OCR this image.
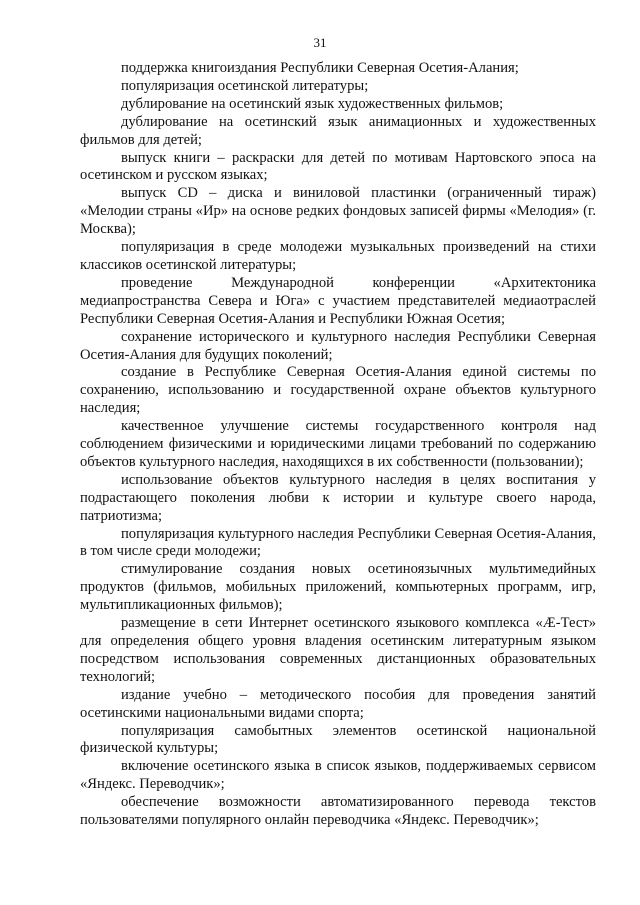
31

поддержка книгоиздания Республики Северная Осетия-Алания;

популяризация осетинской литературы;

дублирование на осетинский язык художественных фильмов;

дублирование на осетинский язык анимационных и художественных фильмов для детей;

выпуск книги – раскраски для детей по мотивам Нартовского эпоса на осетинском и русском языках;

выпуск CD – диска и виниловой пластинки (ограниченный тираж) «Мелодии страны «Ир» на основе редких фондовых записей фирмы «Мелодия» (г. Москва);

популяризация в среде молодежи музыкальных произведений на стихи классиков осетинской литературы;

проведение Международной конференции «Архитектоника медиапространства Севера и Юга» с участием представителей медиаотраслей Республики Северная Осетия-Алания и Республики Южная Осетия;

сохранение исторического и культурного наследия Республики Северная Осетия-Алания для будущих поколений;

создание в Республике Северная Осетия-Алания единой системы по сохранению, использованию и государственной охране объектов культурного наследия;

качественное улучшение системы государственного контроля над соблюдением физическими и юридическими лицами требований по содержанию объектов культурного наследия, находящихся в их собственности (пользовании);

использование объектов культурного наследия в целях воспитания у подрастающего поколения любви к истории и культуре своего народа, патриотизма;

популяризация культурного наследия Республики Северная Осетия-Алания, в том числе среди молодежи;

стимулирование создания новых осетиноязычных мультимедийных продуктов (фильмов, мобильных приложений, компьютерных программ, игр, мультипликационных фильмов);

размещение в сети Интернет осетинского языкового комплекса «Æ-Тест» для определения общего уровня владения осетинским литературным языком посредством использования современных дистанционных образовательных технологий;

издание учебно – методического пособия для проведения занятий осетинскими национальными видами спорта;

популяризация самобытных элементов осетинской национальной физической культуры;

включение осетинского языка в список языков, поддерживаемых сервисом «Яндекс. Переводчик»;

обеспечение возможности автоматизированного перевода текстов пользователями популярного онлайн переводчика «Яндекс. Переводчик»;
